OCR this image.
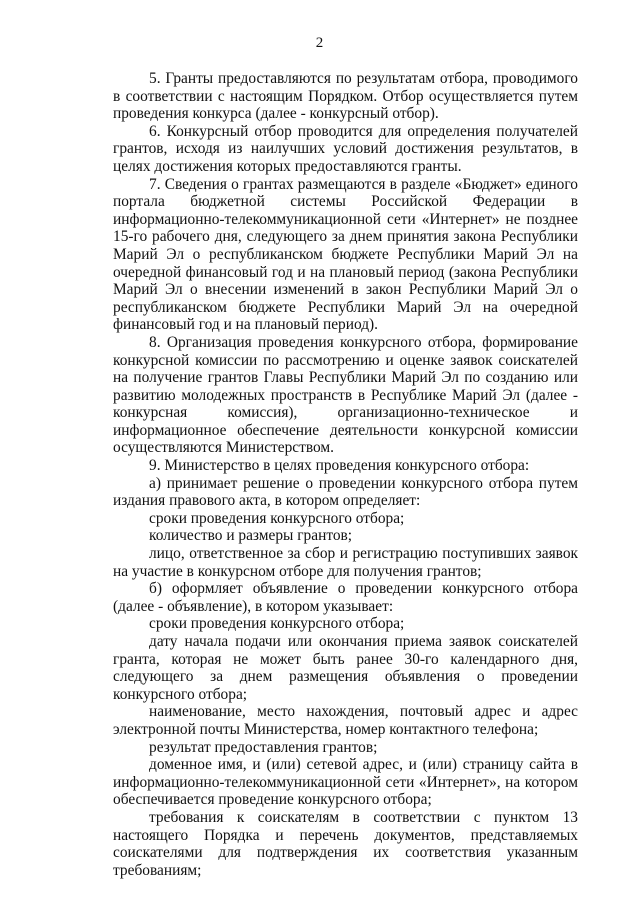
2

5. Гранты предоставляются по результатам отбора, проводимого в соответствии с настоящим Порядком. Отбор осуществляется путем проведения конкурса (далее - конкурсный отбор).

6. Конкурсный отбор проводится для определения получателей грантов, исходя из наилучших условий достижения результатов, в целях достижения которых предоставляются гранты.

7. Сведения о грантах размещаются в разделе «Бюджет» единого портала бюджетной системы Российской Федерации в информационно-телекоммуникационной сети «Интернет» не позднее 15-го рабочего дня, следующего за днем принятия закона Республики Марий Эл о республиканском бюджете Республики Марий Эл на очередной финансовый год и на плановый период (закона Республики Марий Эл о внесении изменений в закон Республики Марий Эл о республиканском бюджете Республики Марий Эл на очередной финансовый год и на плановый период).

8. Организация проведения конкурсного отбора, формирование конкурсной комиссии по рассмотрению и оценке заявок соискателей на получение грантов Главы Республики Марий Эл по созданию или развитию молодежных пространств в Республике Марий Эл (далее - конкурсная комиссия), организационно-техническое и информационное обеспечение деятельности конкурсной комиссии осуществляются Министерством.

9. Министерство в целях проведения конкурсного отбора:

а) принимает решение о проведении конкурсного отбора путем издания правового акта, в котором определяет:

сроки проведения конкурсного отбора;

количество и размеры грантов;

лицо, ответственное за сбор и регистрацию поступивших заявок на участие в конкурсном отборе для получения грантов;

б) оформляет объявление о проведении конкурсного отбора (далее - объявление), в котором указывает:

сроки проведения конкурсного отбора;

дату начала подачи или окончания приема заявок соискателей гранта, которая не может быть ранее 30-го календарного дня, следующего за днем размещения объявления о проведении конкурсного отбора;

наименование, место нахождения, почтовый адрес и адрес электронной почты Министерства, номер контактного телефона;

результат предоставления грантов;

доменное имя, и (или) сетевой адрес, и (или) страницу сайта в информационно-телекоммуникационной сети «Интернет», на котором обеспечивается проведение конкурсного отбора;

требования к соискателям в соответствии с пунктом 13 настоящего Порядка и перечень документов, представляемых соискателями для подтверждения их соответствия указанным требованиям;
